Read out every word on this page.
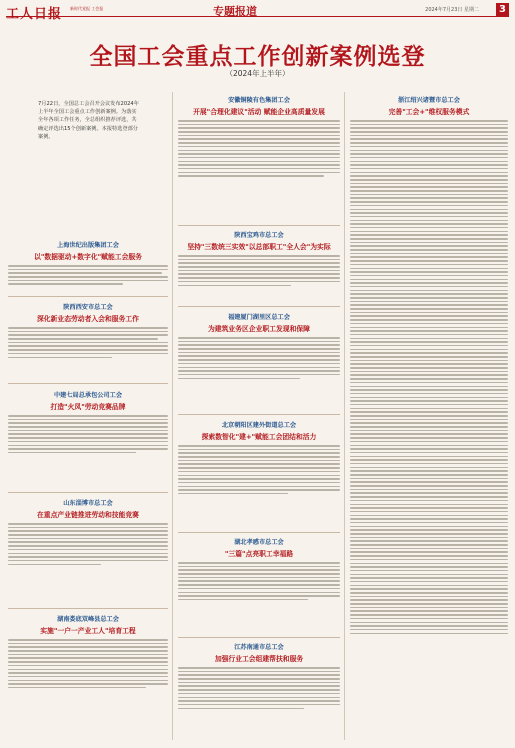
工人日报 新时代党报 工会报	专题报道	2024年7月23日 星期二	3
全国工会重点工作创新案例选登
（2024年上半年）
7月22日，全国总工会召开会议发布2024年上半年全国工会重点工作创新案例。为落实全年各项工作任务，全总组织推荐评选，共确定评选出15个创新案例。本报特选登部分案例。
上海世纪出版集团工会
以"数据驱动+数字化"赋能工会服务
陕西西安市总工会
深化新业态劳动者入会和服务工作
中建七局总承包公司工会
打造"火凤"劳动竞赛品牌
山东淄博市总工会
在重点产业链推进劳动和技能竞赛
湖南娄底双峰县总工会
实施"一户一产业工人"培育工程
安徽铜陵有色集团工会
开展"合理化建议"活动 赋能企业高质量发展
陕西宝鸡市总工会
坚持"三数统三实效"以总部职工"全人会"为实际
福建厦门湖里区总工会
为建筑业务区企业职工发现和保障
北京朝阳区建外街道总工会
探索数智化"建+"赋能工会团结和活力
湖北孝感市总工会
"三篇"点亮职工幸福路
江苏南通市总工会
加强行业工会组建帮扶和服务
浙江绍兴诸暨市总工会
完善"工会+"维权服务模式
